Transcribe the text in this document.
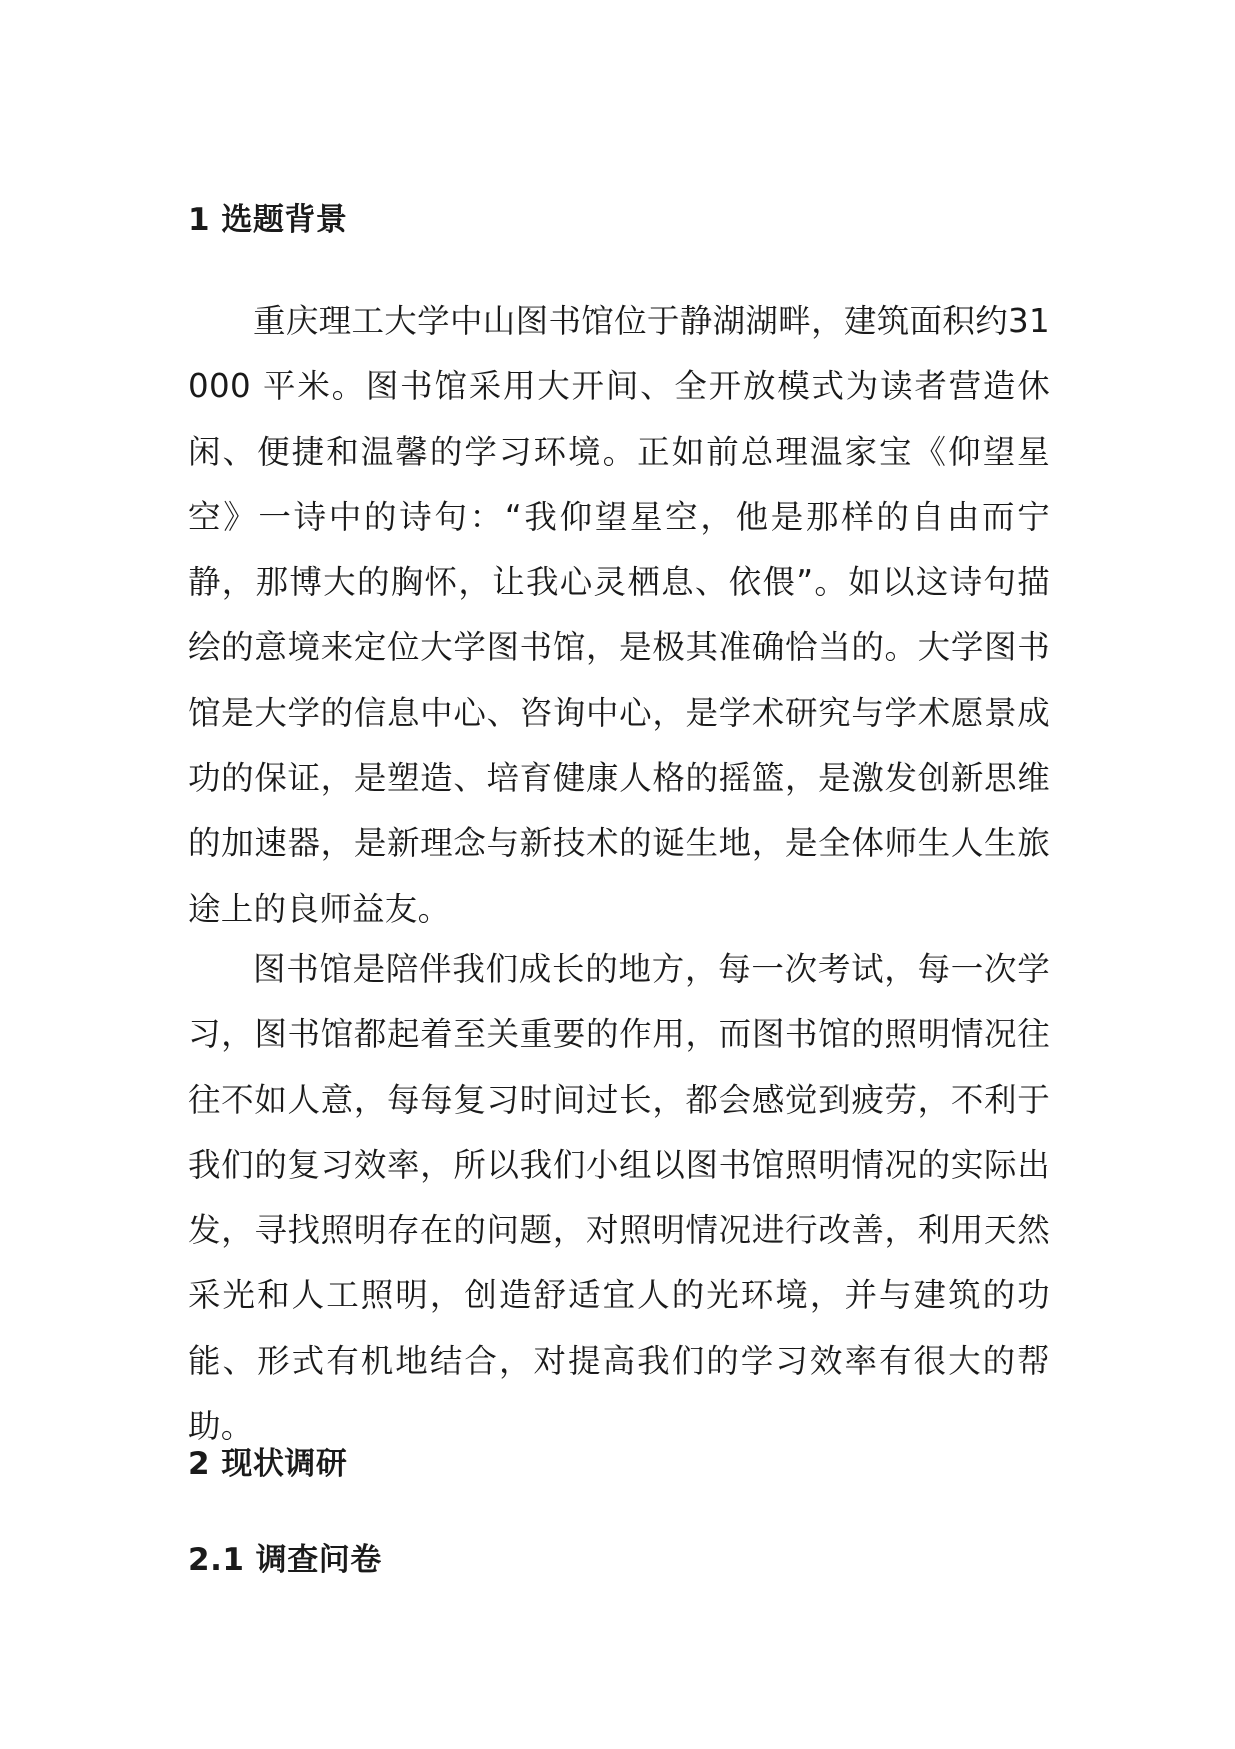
1 选题背景

重庆理工大学中山图书馆位于静湖湖畔，建筑面积约31000 平米。图书馆采用大开间、全开放模式为读者营造休闲、便捷和温馨的学习环境。正如前总理温家宝《仰望星空》一诗中的诗句：“我仰望星空，他是那样的自由而宁静，那博大的胸怀，让我心灵栖息、依偎”。如以这诗句描绘的意境来定位大学图书馆，是极其准确恰当的。大学图书馆是大学的信息中心、咨询中心，是学术研究与学术愿景成功的保证，是塑造、培育健康人格的摇篮，是激发创新思维的加速器，是新理念与新技术的诞生地，是全体师生人生旅途上的良师益友。

图书馆是陪伴我们成长的地方，每一次考试，每一次学习，图书馆都起着至关重要的作用，而图书馆的照明情况往往不如人意，每每复习时间过长，都会感觉到疲劳，不利于我们的复习效率，所以我们小组以图书馆照明情况的实际出发，寻找照明存在的问题，对照明情况进行改善，利用天然采光和人工照明，创造舒适宜人的光环境，并与建筑的功能、形式有机地结合，对提高我们的学习效率有很大的帮助。

2 现状调研
2.1 调查问卷
